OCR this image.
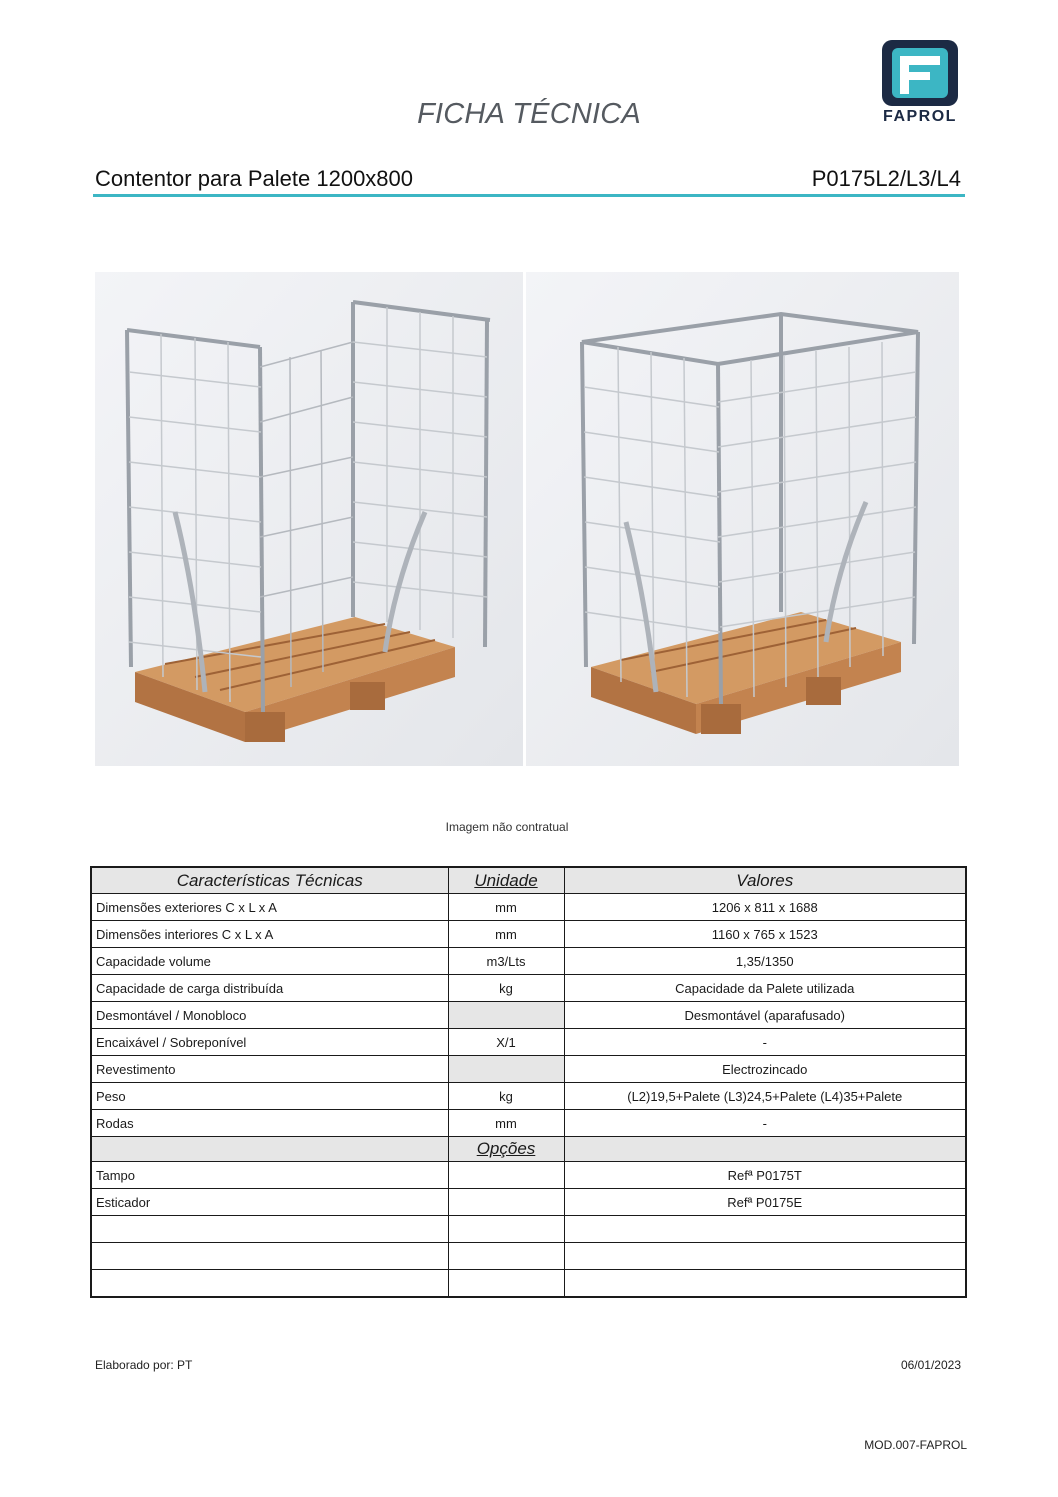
FICHA TÉCNICA	FAPROL
Contentor para Palete 1200x800	P0175L2/L3/L4
Imagem não contratual
Características Técnicas	Unidade	Valores
Dimensões exteriores C x L x A	mm	1206 x 811 x 1688
Dimensões interiores C x L x A	mm	1160 x 765 x 1523
Capacidade volume	m3/Lts	1,35/1350
Capacidade de carga distribuída	kg	Capacidade da Palete utilizada
Desmontável / Monobloco		Desmontável (aparafusado)
Encaixável / Sobreponível	X/1	-
Revestimento		Electrozincado
Peso	kg	(L2)19,5+Palete (L3)24,5+Palete (L4)35+Palete
Rodas	mm	-
	Opções	
Tampo		Refª P0175T
Esticador		Refª P0175E

Elaborado por: PT	06/01/2023
MOD.007-FAPROL
